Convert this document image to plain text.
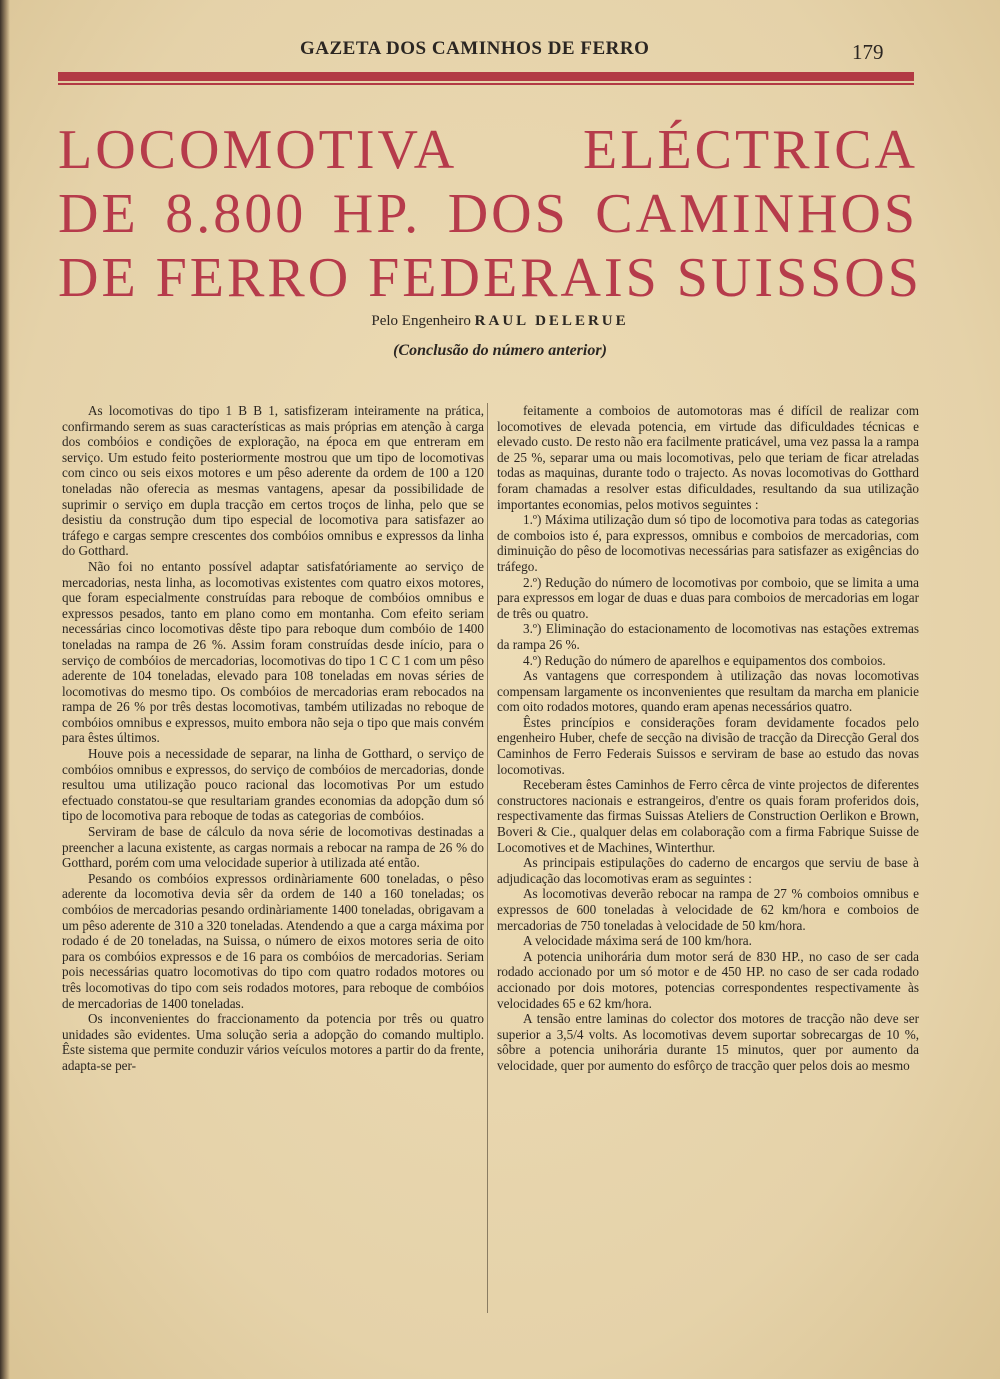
GAZETA DOS CAMINHOS DE FERRO	179
LOCOMOTIVA ELÉCTRICA
DE 8.800 HP. DOS CAMINHOS
DE FERRO FEDERAIS SUISSOS
Pelo Engenheiro RAUL DELERUE
(Conclusão do número anterior)

As locomotivas do tipo 1 B B 1, satisfizeram inteiramente na prática, confirmando serem as suas características as mais próprias em atenção à carga dos combóios e condições de exploração, na época em que entreram em serviço. Um estudo feito posteriormente mostrou que um tipo de locomotivas com cinco ou seis eixos motores e um pêso aderente da ordem de 100 a 120 toneladas não oferecia as mesmas vantagens, apesar da possibilidade de suprimir o serviço em dupla tracção em certos troços de linha, pelo que se desistiu da construção dum tipo especial de locomotiva para satisfazer ao tráfego e cargas sempre crescentes dos combóios omnibus e expressos da linha do Gotthard.

Não foi no entanto possível adaptar satisfatóriamente ao serviço de mercadorias, nesta linha, as locomotivas existentes com quatro eixos motores, que foram especialmente construídas para reboque de combóios omnibus e expressos pesados, tanto em plano como em montanha. Com efeito seriam necessárias cinco locomotivas dêste tipo para reboque dum combóio de 1400 toneladas na rampa de 26 %. Assim foram construídas desde início, para o serviço de combóios de mercadorias, locomotivas do tipo 1 C C 1 com um pêso aderente de 104 toneladas, elevado para 108 toneladas em novas séries de locomotivas do mesmo tipo. Os combóios de mercadorias eram rebocados na rampa de 26 % por três destas locomotivas, também utilizadas no reboque de combóios omnibus e expressos, muito embora não seja o tipo que mais convém para êstes últimos.

Houve pois a necessidade de separar, na linha de Gotthard, o serviço de combóios omnibus e expressos, do serviço de combóios de mercadorias, donde resultou uma utilização pouco racional das locomotivas Por um estudo efectuado constatou-se que resultariam grandes economias da adopção dum só tipo de locomotiva para reboque de todas as categorias de combóios.

Serviram de base de cálculo da nova série de locomotivas destinadas a preencher a lacuna existente, as cargas normais a rebocar na rampa de 26 % do Gotthard, porém com uma velocidade superior à utilizada até então.

Pesando os combóios expressos ordinàriamente 600 toneladas, o pêso aderente da locomotiva devia sêr da ordem de 140 a 160 toneladas; os combóios de mercadorias pesando ordinàriamente 1400 toneladas, obrigavam a um pêso aderente de 310 a 320 toneladas. Atendendo a que a carga máxima por rodado é de 20 toneladas, na Suissa, o número de eixos motores seria de oito para os combóios expressos e de 16 para os combóios de mercadorias. Seriam pois necessárias quatro locomotivas do tipo com quatro rodados motores ou três locomotivas do tipo com seis rodados motores, para reboque de combóios de mercadorias de 1400 toneladas.

Os inconvenientes do fraccionamento da potencia por três ou quatro unidades são evidentes. Uma solução seria a adopção do comando multiplo. Êste sistema que permite conduzir vários veículos motores a partir do da frente, adapta-se per-

feitamente a comboios de automotoras mas é difícil de realizar com locomotives de elevada potencia, em virtude das dificuldades técnicas e elevado custo. De resto não era facilmente praticável, uma vez passa la a rampa de 25 %, separar uma ou mais locomotivas, pelo que teriam de ficar atreladas todas as maquinas, durante todo o trajecto. As novas locomotivas do Gotthard foram chamadas a resolver estas dificuldades, resultando da sua utilização importantes economias, pelos motivos seguintes :

1.º) Máxima utilização dum só tipo de locomotiva para todas as categorias de comboios isto é, para expressos, omnibus e comboios de mercadorias, com diminuição do pêso de locomotivas necessárias para satisfazer as exigências do tráfego.

2.º) Redução do número de locomotivas por comboio, que se limita a uma para expressos em logar de duas e duas para comboios de mercadorias em logar de três ou quatro.

3.º) Eliminação do estacionamento de locomotivas nas estações extremas da rampa 26 %.

4.º) Redução do número de aparelhos e equipamentos dos comboios.

As vantagens que correspondem à utilização das novas locomotivas compensam largamente os inconvenientes que resultam da marcha em planicie com oito rodados motores, quando eram apenas necessários quatro.

Êstes princípios e considerações foram devidamente focados pelo engenheiro Huber, chefe de secção na divisão de tracção da Direcção Geral dos Caminhos de Ferro Federais Suissos e serviram de base ao estudo das novas locomotivas.

Receberam êstes Caminhos de Ferro cêrca de vinte projectos de diferentes constructores nacionais e estrangeiros, d'entre os quais foram proferidos dois, respectivamente das firmas Suissas Ateliers de Construction Oerlikon e Brown, Boveri & Cie., qualquer delas em colaboração com a firma Fabrique Suisse de Locomotives et de Machines, Winterthur.

As principais estipulações do caderno de encargos que serviu de base à adjudicação das locomotivas eram as seguintes :

As locomotivas deverão rebocar na rampa de 27 % comboios omnibus e expressos de 600 toneladas à velocidade de 62 km/hora e comboios de mercadorias de 750 toneladas à velocidade de 50 km/hora.

A velocidade máxima será de 100 km/hora.

A potencia unihorária dum motor será de 830 HP., no caso de ser cada rodado accionado por um só motor e de 450 HP. no caso de ser cada rodado accionado por dois motores, potencias correspondentes respectivamente às velocidades 65 e 62 km/hora.

A tensão entre laminas do colector dos motores de tracção não deve ser superior a 3,5/4 volts. As locomotivas devem suportar sobrecargas de 10 %, sôbre a potencia unihorária durante 15 minutos, quer por aumento da velocidade, quer por aumento do esfôrço de tracção quer pelos dois ao mesmo
